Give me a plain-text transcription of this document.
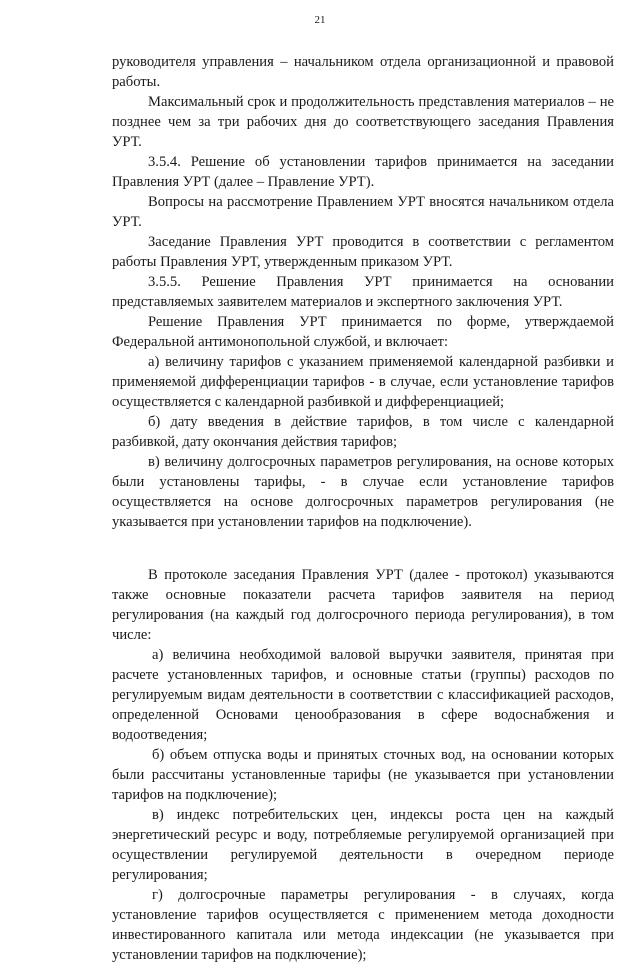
21

руководителя управления – начальником отдела организационной и правовой работы.

Максимальный срок и продолжительность представления материалов – не позднее чем за три рабочих дня до соответствующего заседания Правления УРТ.

3.5.4. Решение об установлении тарифов принимается на заседании Правления УРТ (далее – Правление УРТ).

Вопросы на рассмотрение Правлением УРТ вносятся начальником отдела УРТ.

Заседание Правления УРТ проводится в соответствии с регламентом работы Правления УРТ, утвержденным приказом УРТ.

3.5.5. Решение Правления УРТ принимается на основании представляемых заявителем материалов и экспертного заключения УРТ.

Решение Правления УРТ принимается по форме, утверждаемой Федеральной антимонопольной службой, и включает:

а) величину тарифов с указанием применяемой календарной разбивки и применяемой дифференциации тарифов - в случае, если установление тарифов осуществляется с календарной разбивкой и дифференциацией;

б) дату введения в действие тарифов, в том числе с календарной разбивкой, дату окончания действия тарифов;

в) величину долгосрочных параметров регулирования, на основе которых были установлены тарифы, - в случае если установление тарифов осуществляется на основе долгосрочных параметров регулирования (не указывается при установлении тарифов на подключение).

В протоколе заседания Правления УРТ (далее - протокол) указываются также основные показатели расчета тарифов заявителя на период регулирования (на каждый год долгосрочного периода регулирования), в том числе:

а) величина необходимой валовой выручки заявителя, принятая при расчете установленных тарифов, и основные статьи (группы) расходов по регулируемым видам деятельности в соответствии с классификацией расходов, определенной Основами ценообразования в сфере водоснабжения и водоотведения;

б) объем отпуска воды и принятых сточных вод, на основании которых были рассчитаны установленные тарифы (не указывается при установлении тарифов на подключение);

в) индекс потребительских цен, индексы роста цен на каждый энергетический ресурс и воду, потребляемые регулируемой организацией при осуществлении регулируемой деятельности в очередном периоде регулирования;

г) долгосрочные параметры регулирования - в случаях, когда установление тарифов осуществляется с применением метода доходности инвестированного капитала или метода индексации (не указывается при установлении тарифов на подключение);
